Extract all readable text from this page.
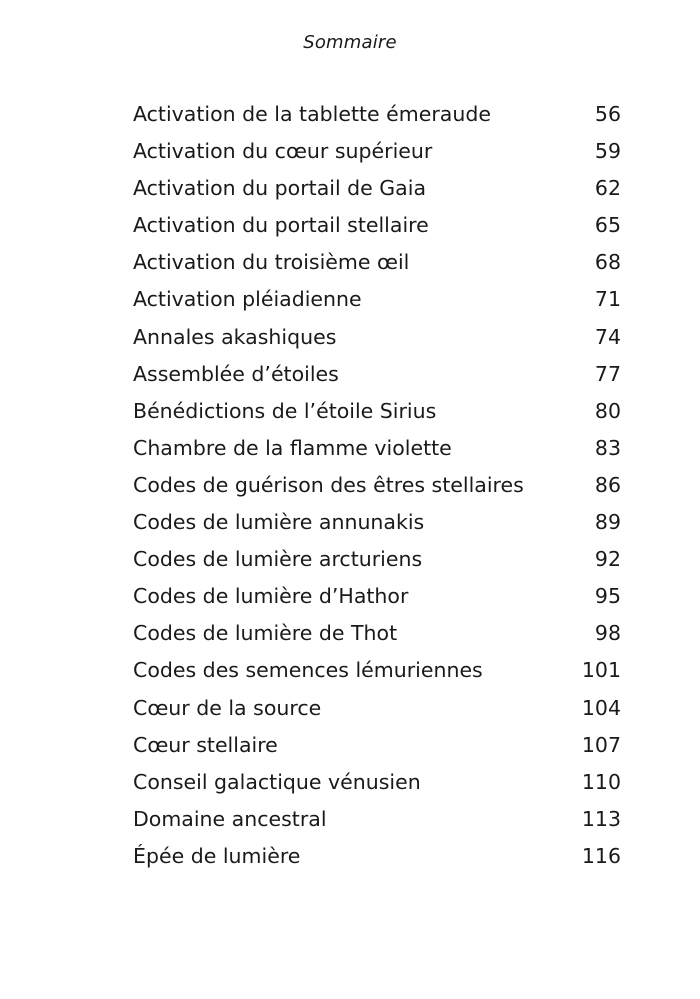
Sommaire
Activation de la tablette émeraude	56
Activation du cœur supérieur	59
Activation du portail de Gaia	62
Activation du portail stellaire	65
Activation du troisième œil	68
Activation pléiadienne	71
Annales akashiques	74
Assemblée d’étoiles	77
Bénédictions de l’étoile Sirius	80
Chambre de la flamme violette	83
Codes de guérison des êtres stellaires	86
Codes de lumière annunakis	89
Codes de lumière arcturiens	92
Codes de lumière d’Hathor	95
Codes de lumière de Thot	98
Codes des semences lémuriennes	101
Cœur de la source	104
Cœur stellaire	107
Conseil galactique vénusien	110
Domaine ancestral	113
Épée de lumière	116
